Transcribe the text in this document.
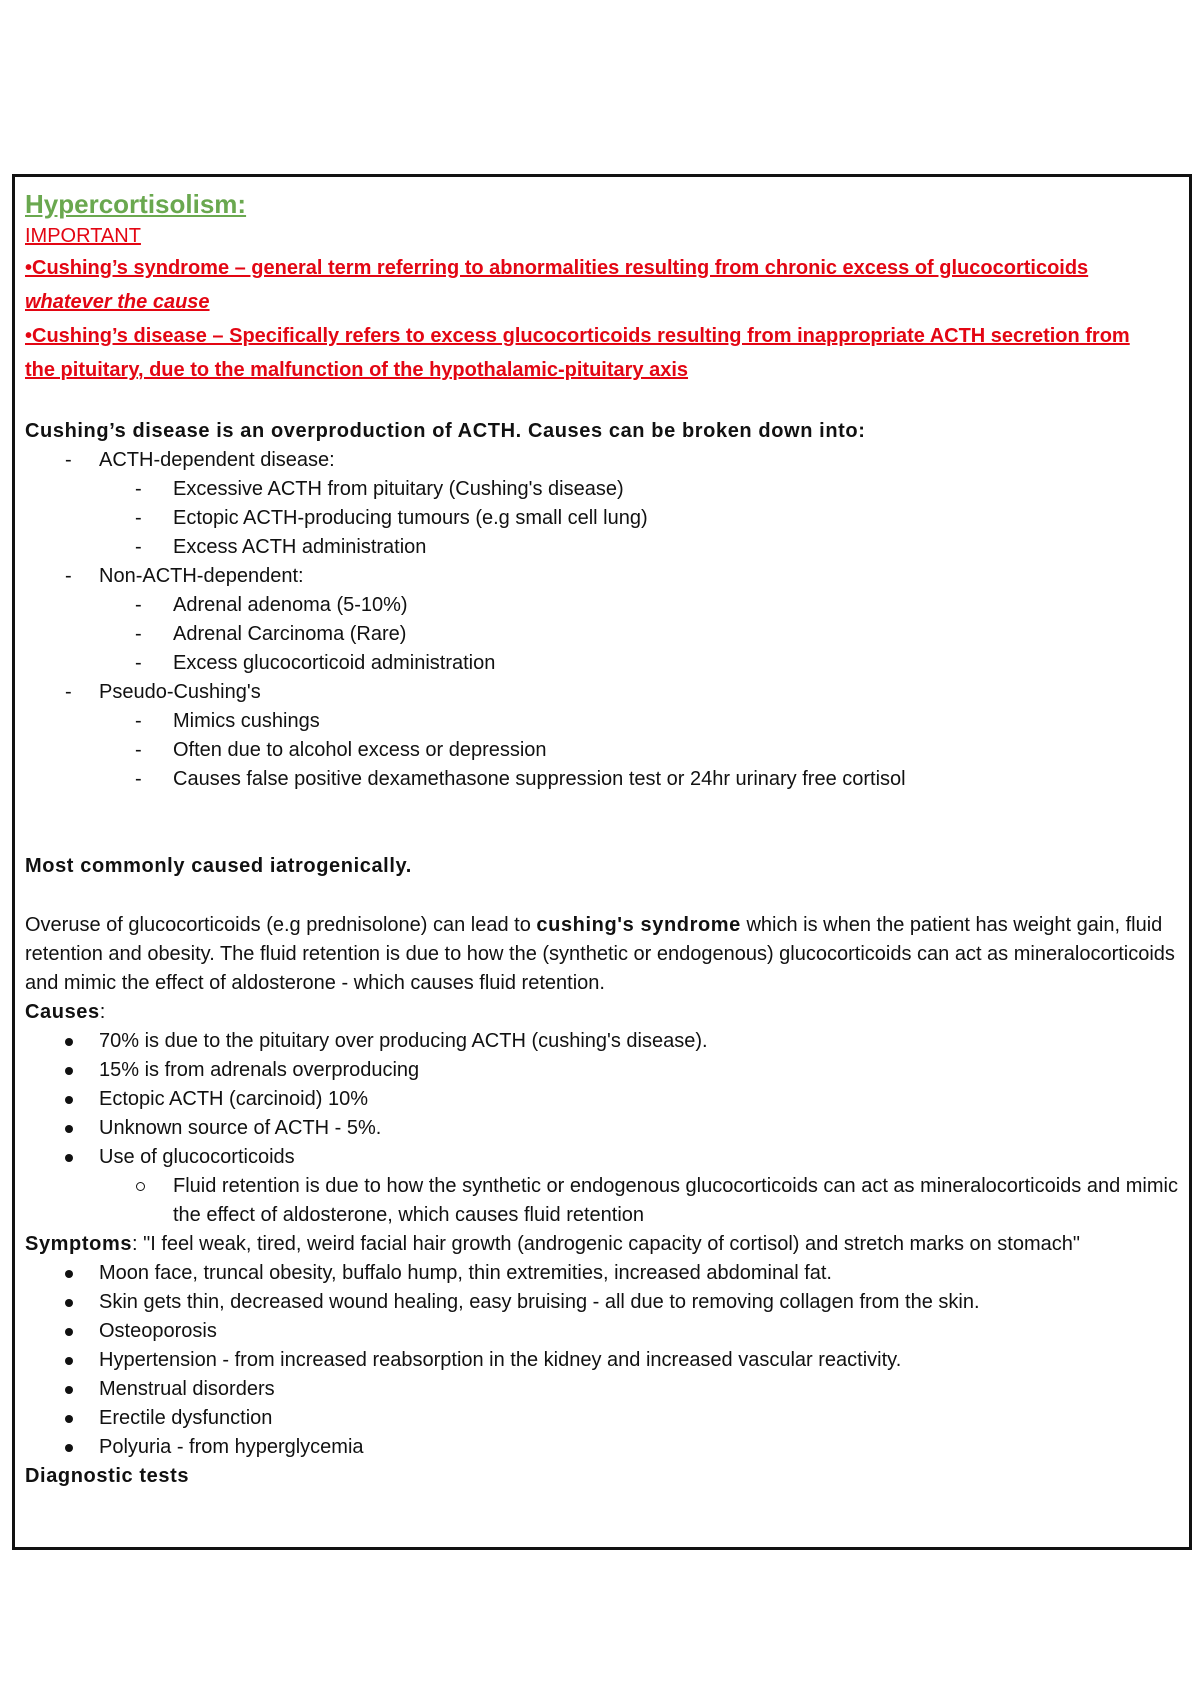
Hypercortisolism:
IMPORTANT
•Cushing’s syndrome – general term referring to abnormalities resulting from chronic excess of glucocorticoids
whatever the cause
•Cushing’s disease – Specifically refers to excess glucocorticoids resulting from inappropriate ACTH secretion from
the pituitary, due to the malfunction of the hypothalamic-pituitary axis
Cushing’s disease is an overproduction of ACTH. Causes can be broken down into:
- ACTH-dependent disease:
- Excessive ACTH from pituitary (Cushing's disease)
- Ectopic ACTH-producing tumours (e.g small cell lung)
- Excess ACTH administration
- Non-ACTH-dependent:
- Adrenal adenoma (5-10%)
- Adrenal Carcinoma (Rare)
- Excess glucocorticoid administration
- Pseudo-Cushing's
- Mimics cushings
- Often due to alcohol excess or depression
- Causes false positive dexamethasone suppression test or 24hr urinary free cortisol
Most commonly caused iatrogenically.
Overuse of glucocorticoids (e.g prednisolone) can lead to cushing's syndrome which is when the patient has weight gain, fluid retention and obesity. The fluid retention is due to how the (synthetic or endogenous) glucocorticoids can act as mineralocorticoids and mimic the effect of aldosterone - which causes fluid retention.
Causes:
70% is due to the pituitary over producing ACTH (cushing's disease).
15% is from adrenals overproducing
Ectopic ACTH (carcinoid) 10%
Unknown source of ACTH - 5%.
Use of glucocorticoids
Fluid retention is due to how the synthetic or endogenous glucocorticoids can act as mineralocorticoids and mimic the effect of aldosterone, which causes fluid retention
Symptoms: "I feel weak, tired, weird facial hair growth (androgenic capacity of cortisol) and stretch marks on stomach"
Moon face, truncal obesity, buffalo hump, thin extremities, increased abdominal fat.
Skin gets thin, decreased wound healing, easy bruising - all due to removing collagen from the skin.
Osteoporosis
Hypertension - from increased reabsorption in the kidney and increased vascular reactivity.
Menstrual disorders
Erectile dysfunction
Polyuria - from hyperglycemia
Diagnostic tests
